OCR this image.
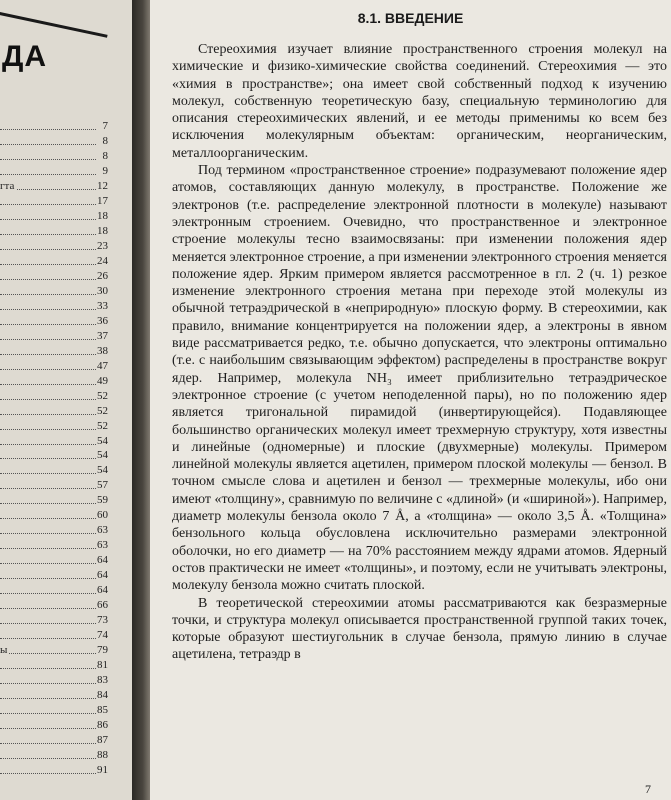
ДА
7
8
8
9
гта	12
17
18
18
23
24
26
30
33
36
37
38
47
49
52
52
52
54
54
54
57
59
60
63
63
64
64
64
66
73
74
ы	79
81
83
84
85
86
87
88
91
8.1. ВВЕДЕНИЕ

Стереохимия изучает влияние пространственного строения молекул на химические и физико-химические свойства соединений. Стереохимия — это «химия в пространстве»; она имеет свой собственный подход к изучению молекул, собственную теоретическую базу, специальную терминологию для описания стереохимических явлений, и ее методы применимы ко всем без исключения молекулярным объектам: органическим, неорганическим, металлоорганическим.

Под термином «пространственное строение» подразумевают положение ядер атомов, составляющих данную молекулу, в пространстве. Положение же электронов (т.е. распределение электронной плотности в молекуле) называют электронным строением. Очевидно, что пространственное и электронное строение молекулы тесно взаимосвязаны: при изменении положения ядер меняется электронное строение, а при изменении электронного строения меняется положение ядер. Ярким примером является рассмотренное в гл. 2 (ч. 1) резкое изменение электронного строения метана при переходе этой молекулы из обычной тетраэдрической в «неприродную» плоскую форму. В стереохимии, как правило, внимание концентрируется на положении ядер, а электроны в явном виде рассматривается редко, т.е. обычно допускается, что электроны оптимально (т.е. с наибольшим связывающим эффектом) распределены в пространстве вокруг ядер. Например, молекула NH₃ имеет приблизительно тетраэдрическое электронное строение (с учетом неподеленной пары), но по положению ядер является тригональной пирамидой (инвертирующейся). Подавляющее большинство органических молекул имеет трехмерную структуру, хотя известны и линейные (одномерные) и плоские (двухмерные) молекулы. Примером линейной молекулы является ацетилен, примером плоской молекулы — бензол. В точном смысле слова и ацетилен и бензол — трехмерные молекулы, ибо они имеют «толщину», сравнимую по величине с «длиной» (и «шириной»). Например, диаметр молекулы бензола около 7 Å, а «толщина» — около 3,5 Å. «Толщина» бензольного кольца обусловлена исключительно размерами электронной оболочки, но его диаметр — на 70% расстоянием между ядрами атомов. Ядерный остов практически не имеет «толщины», и поэтому, если не учитывать электроны, молекулу бензола можно считать плоской.

В теоретической стереохимии атомы рассматриваются как безразмерные точки, и структура молекул описывается пространственной группой таких точек, которые образуют шестиугольник в случае бензола, прямую линию в случае ацетилена, тетраэдр в

7
